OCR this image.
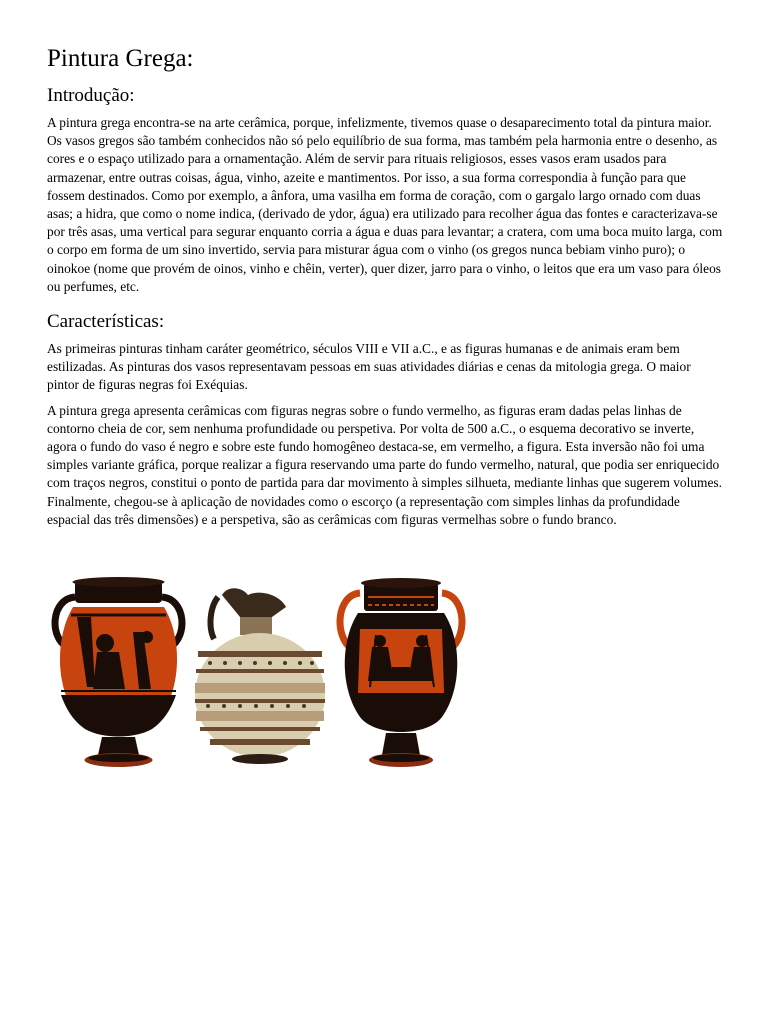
Pintura Grega:
Introdução:

A pintura grega encontra-se na arte cerâmica, porque, infelizmente, tivemos quase o desaparecimento total da pintura maior. Os vasos gregos são também conhecidos não só pelo equilíbrio de sua forma, mas também pela harmonia entre o desenho, as cores e o espaço utilizado para a ornamentação. Além de servir para rituais religiosos, esses vasos eram usados para armazenar, entre outras coisas, água, vinho, azeite e mantimentos. Por isso, a sua forma correspondia à função para que fossem destinados. Como por exemplo, a ânfora, uma vasilha em forma de coração, com o gargalo largo ornado com duas asas; a hidra, que como o nome indica, (derivado de ydor, água) era utilizado para recolher água das fontes e caracterizava-se por três asas, uma vertical para segurar enquanto corria a água e duas para levantar; a cratera, com uma boca muito larga, com o corpo em forma de um sino invertido, servia para misturar água com o vinho (os gregos nunca bebiam vinho puro); o oinokoe (nome que provém de oinos, vinho e chêin, verter), quer dizer, jarro para o vinho, o leitos que era um vaso para óleos ou perfumes, etc.

Características:

As primeiras pinturas tinham caráter geométrico, séculos VIII e VII a.C., e as figuras humanas e de animais eram bem estilizadas. As pinturas dos vasos representavam pessoas em suas atividades diárias e cenas da mitologia grega. O maior pintor de figuras negras foi Exéquias.

A pintura grega apresenta cerâmicas com figuras negras sobre o fundo vermelho, as figuras eram dadas pelas linhas de contorno cheia de cor, sem nenhuma profundidade ou perspetiva. Por volta de 500 a.C., o esquema decorativo se inverte, agora o fundo do vaso é negro e sobre este fundo homogêneo destaca-se, em vermelho, a figura. Esta inversão não foi uma simples variante gráfica, porque realizar a figura reservando uma parte do fundo vermelho, natural, que podia ser enriquecido com traços negros, constitui o ponto de partida para dar movimento à simples silhueta, mediante linhas que sugerem volumes. Finalmente, chegou-se à aplicação de novidades como o escorço (a representação com simples linhas da profundidade espacial das três dimensões) e a perspetiva, são as cerâmicas com figuras vermelhas sobre o fundo branco.
